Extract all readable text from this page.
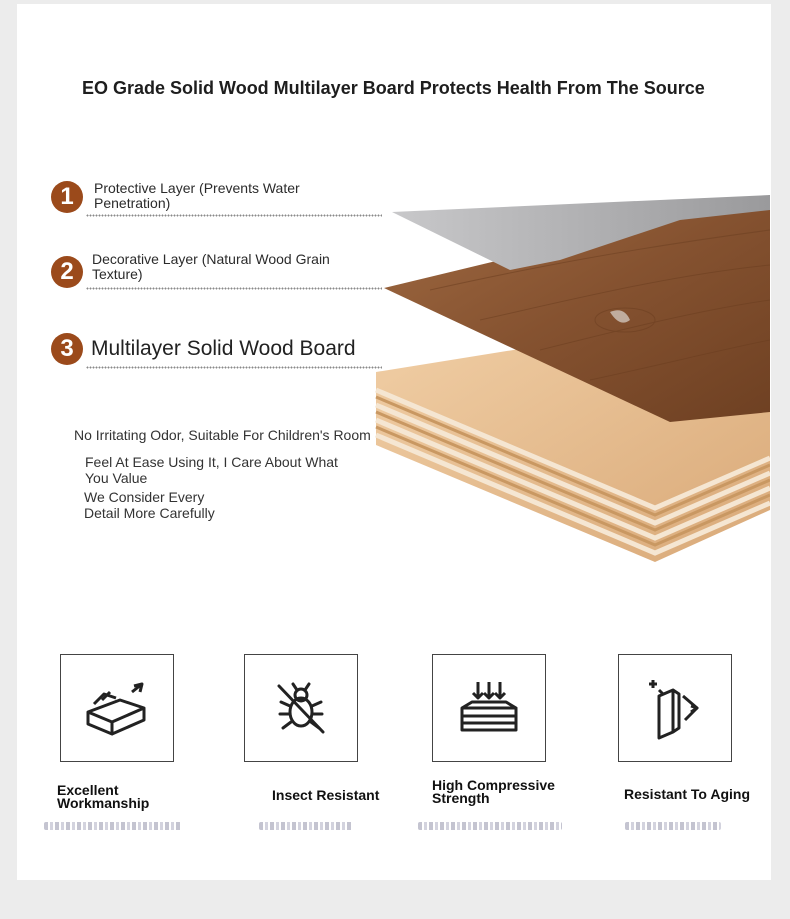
EO Grade Solid Wood Multilayer Board Protects Health From The Source
1	Protective Layer (Prevents Water Penetration)
2	Decorative Layer (Natural Wood Grain Texture)
3 Multilayer Solid Wood Board
No Irritating Odor, Suitable For Children's Room
Feel At Ease Using It, I Care About What You Value
We Consider Every Detail More Carefully
Excellent Workmanship	Insect Resistant
High Compressive Strength	Resistant To Aging
